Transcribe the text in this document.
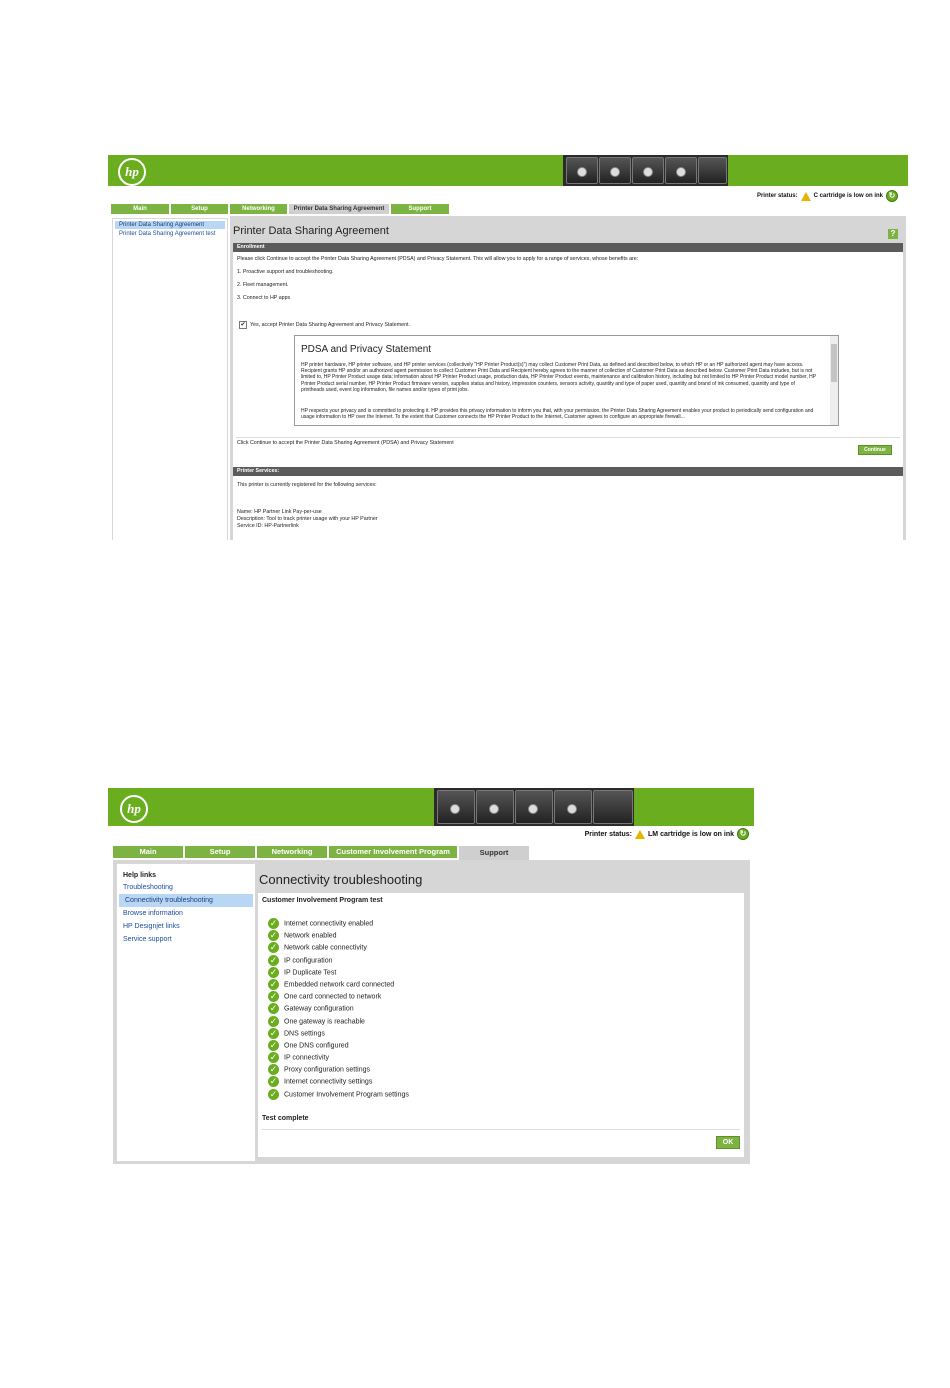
hp
Printer status:	C cartridge is low on ink ↻
Main	Setup	Networking	Printer Data Sharing Agreement	Support
Printer Data Sharing Agreement
Printer Data Sharing Agreement test	Printer Data Sharing Agreement	?
Enrollment
Please click Continue to accept the Printer Data Sharing Agreement (PDSA) and Privacy Statement. This will allow you to apply for a range of services, whose benefits are:
1. Proactive support and troubleshooting.
2. Fleet management.
3. Connect to HP apps
✔ Yes, accept Printer Data Sharing Agreement and Privacy Statement.
PDSA and Privacy Statement
HP printer hardware, HP printer software, and HP printer services (collectively "HP Printer Product(s)") may collect Customer Print Data, as defined and described below, to which HP or an HP authorized agent may have access. Recipient grants HP and/or an authorized agent permission to collect Customer Print Data and Recipient hereby agrees to the manner of collection of Customer Print Data as described below. Customer Print Data includes, but is not limited to, HP Printer Product usage data: information about HP Printer Product usage, production data, HP Printer Product events, maintenance and calibration history, including but not limited to HP Printer Product model number, HP Printer Product serial number, HP Printer Product firmware version, supplies status and history, impression counters, sensors activity, quantity and type of paper used, quantity and brand of ink consumed, quantity and type of printheads used, event log information, file names and/or types of print jobs.
HP respects your privacy and is committed to protecting it. HP provides this privacy information to inform you that, with your permission, the Printer Data Sharing Agreement enables your product to periodically send configuration and usage information to HP over the Internet. To the extent that Customer connects the HP Printer Product to the Internet, Customer agrees to configure an appropriate firewall...
Click Continue to accept the Printer Data Sharing Agreement (PDSA) and Privacy Statement
Continue
Printer Services:
This printer is currently registered for the following services:
Name: HP Partner Link Pay-per-use
Description: Tool to track printer usage with your HP Partner
Service ID: HP-Partnerlink
hp
Printer status: LM cartridge is low on ink ↻
Main	Setup	Networking	Customer Involvement Program	Support
Help links
Troubleshooting
Connectivity troubleshooting
Browse information
HP Designjet links
Service support
Connectivity troubleshooting
Customer Involvement Program test
✓ Internet connectivity enabled
✓ Network enabled
✓ Network cable connectivity
✓ IP configuration
✓ IP Duplicate Test
✓ Embedded network card connected
✓ One card connected to network
✓ Gateway configuration
✓ One gateway is reachable
✓ DNS settings
✓ One DNS configured
✓ IP connectivity
✓ Proxy configuration settings
✓ Internet connectivity settings
✓ Customer Involvement Program settings
Test complete
OK
